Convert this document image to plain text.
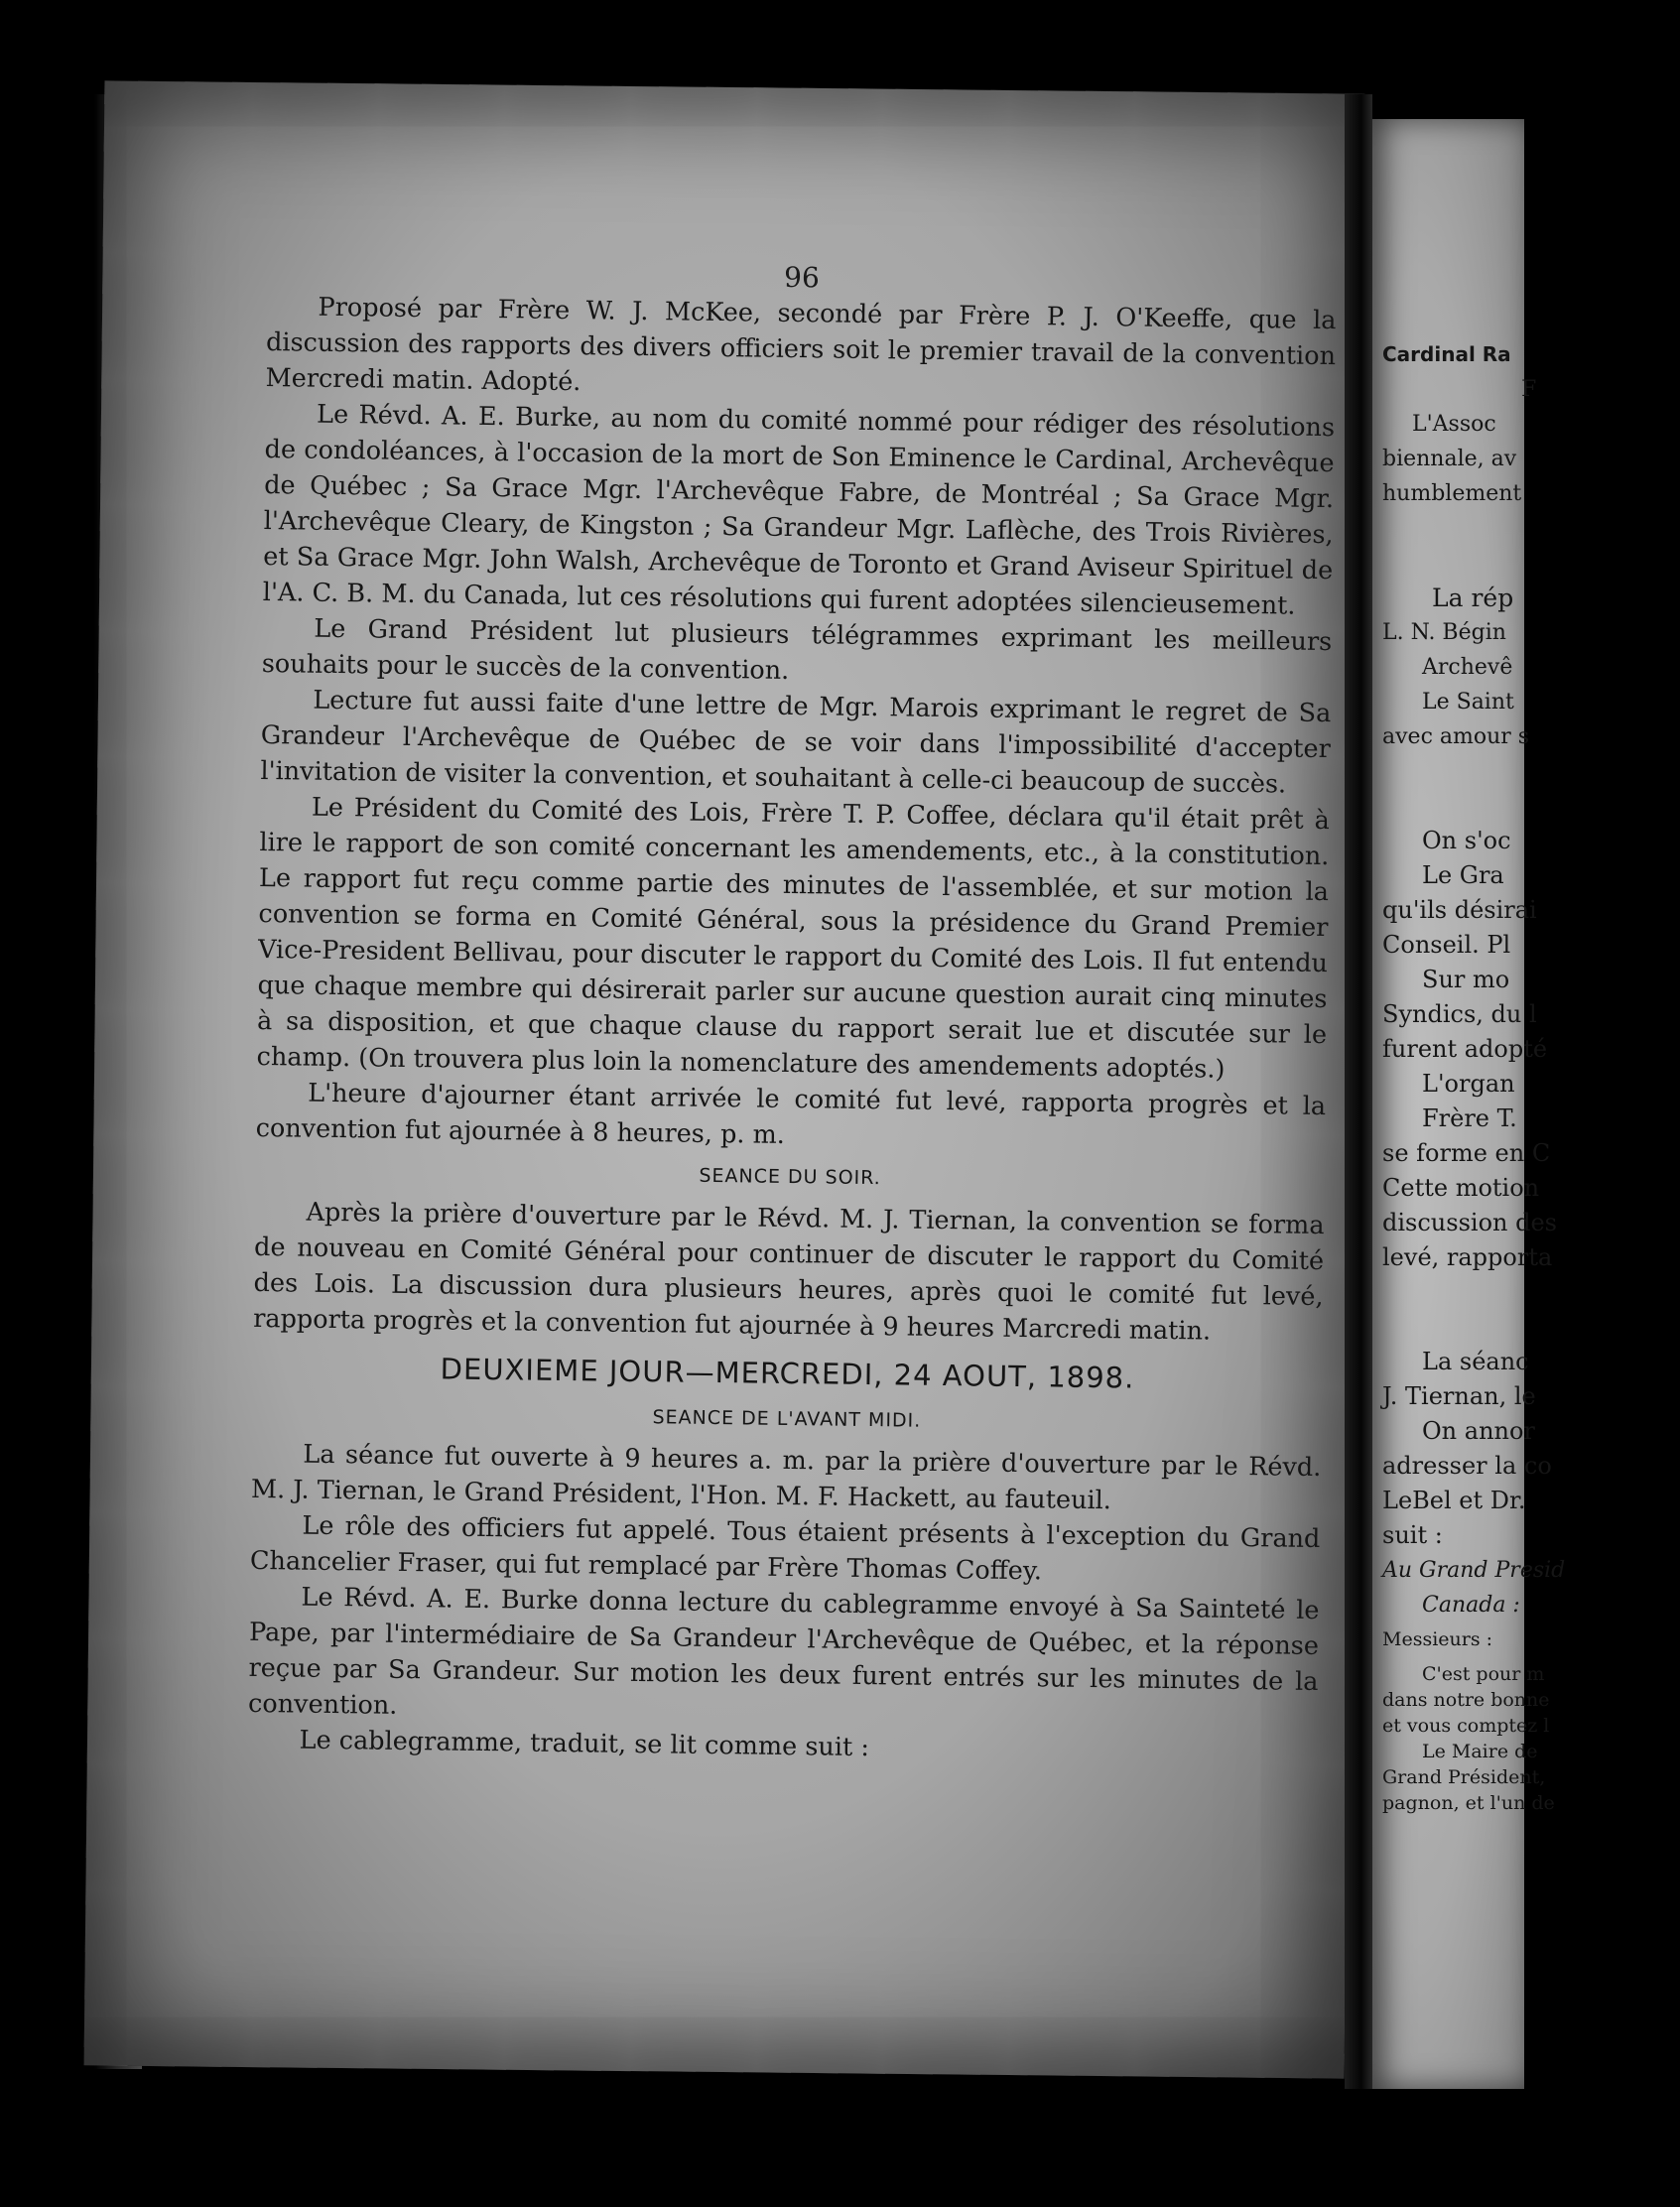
96

Proposé par Frère W. J. McKee, secondé par Frère P. J. O'Keeffe, que la discussion des rapports des divers officiers soit le premier travail de la convention Mercredi matin. Adopté.

Le Révd. A. E. Burke, au nom du comité nommé pour rédiger des résolutions de condoléances, à l'occasion de la mort de Son Eminence le Cardinal, Archevêque de Québec ; Sa Grace Mgr. l'Archevêque Fabre, de Montréal ; Sa Grace Mgr. l'Archevêque Cleary, de Kingston ; Sa Grandeur Mgr. Laflèche, des Trois Rivières, et Sa Grace Mgr. John Walsh, Archevêque de Toronto et Grand Aviseur Spirituel de l'A. C. B. M. du Canada, lut ces résolutions qui furent adoptées silencieusement.

Le Grand Président lut plusieurs télégrammes exprimant les meilleurs souhaits pour le succès de la convention.

Lecture fut aussi faite d'une lettre de Mgr. Marois exprimant le regret de Sa Grandeur l'Archevêque de Québec de se voir dans l'impossibilité d'accepter l'invitation de visiter la convention, et souhaitant à celle-ci beaucoup de succès.

Le Président du Comité des Lois, Frère T. P. Coffee, déclara qu'il était prêt à lire le rapport de son comité concernant les amendements, etc., à la constitution. Le rapport fut reçu comme partie des minutes de l'assemblée, et sur motion la convention se forma en Comité Général, sous la présidence du Grand Premier Vice-President Bellivau, pour discuter le rapport du Comité des Lois. Il fut entendu que chaque membre qui désirerait parler sur aucune question aurait cinq minutes à sa disposition, et que chaque clause du rapport serait lue et discutée sur le champ. (On trouvera plus loin la nomenclature des amendements adoptés.)

L'heure d'ajourner étant arrivée le comité fut levé, rapporta progrès et la convention fut ajournée à 8 heures, p. m.

SEANCE DU SOIR.

Après la prière d'ouverture par le Révd. M. J. Tiernan, la convention se forma de nouveau en Comité Général pour continuer de discuter le rapport du Comité des Lois. La discussion dura plusieurs heures, après quoi le comité fut levé, rapporta progrès et la convention fut ajournée à 9 heures Marcredi matin.

DEUXIEME JOUR—MERCREDI, 24 AOUT, 1898.

SEANCE DE L'AVANT MIDI.

La séance fut ouverte à 9 heures a. m. par la prière d'ouverture par le Révd. M. J. Tiernan, le Grand Président, l'Hon. M. F. Hackett, au fauteuil.

Le rôle des officiers fut appelé. Tous étaient présents à l'exception du Grand Chancelier Fraser, qui fut remplacé par Frère Thomas Coffey.

Le Révd. A. E. Burke donna lecture du cablegramme envoyé à Sa Sainteté le Pape, par l'intermédiaire de Sa Grandeur l'Archevêque de Québec, et la réponse reçue par Sa Grandeur. Sur motion les deux furent entrés sur les minutes de la convention.

Le cablegramme, traduit, se lit comme suit :

Cardinal Ra
F
L'Assoc
biennale, av
humblement
La rép
L. N. Bégin
Archevê
Le Saint
avec amour s
On s'oc
Le Gra
qu'ils désirai
Conseil. Pl
Sur mo
Syndics, du l
furent adopté
L'organ
Frère T.
se forme en C
Cette motion
discussion des
levé, rapporta
La séanc
J. Tiernan, le
On annor
adresser la co
LeBel et Dr.
suit :
Au Grand Presid
Canada :
Messieurs :
C'est pour m
dans notre bonne
et vous comptez l
Le Maire de
Grand Président,
pagnon, et l'un de
